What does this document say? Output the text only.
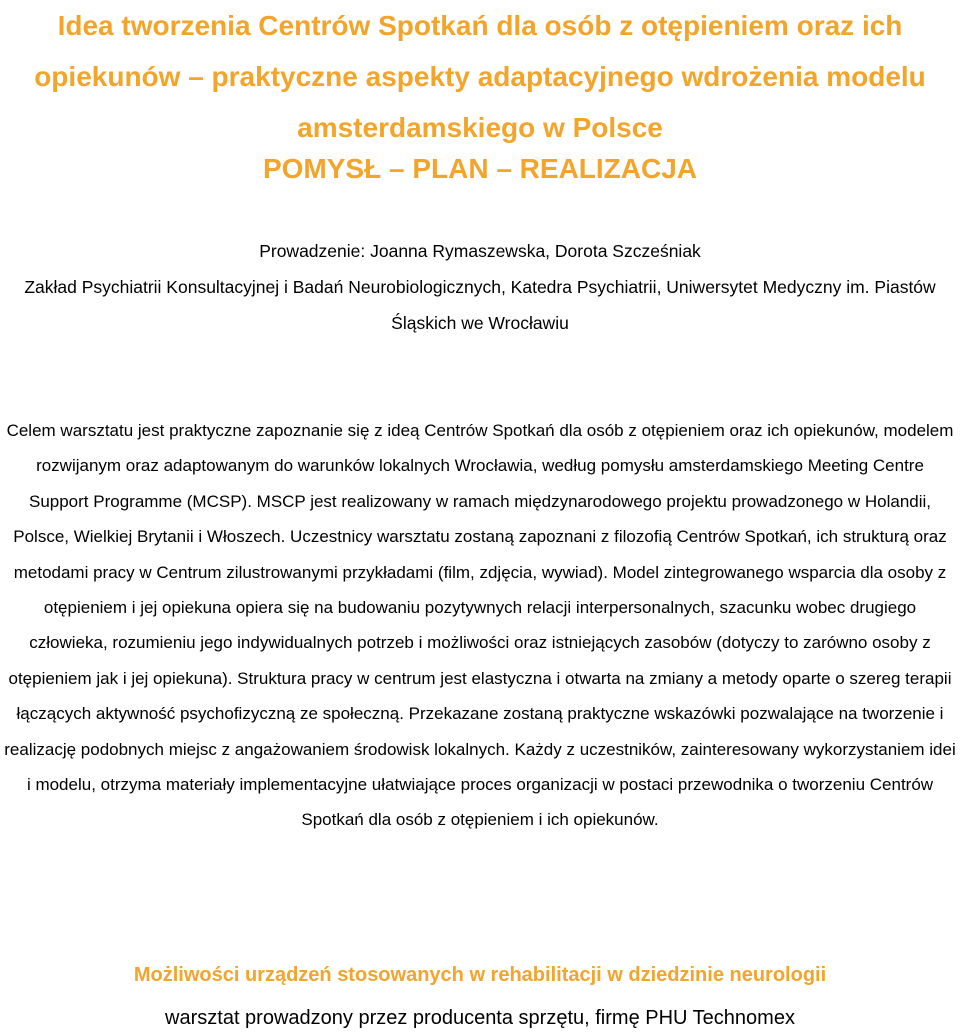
Idea tworzenia Centrów Spotkań dla osób z otępieniem oraz ich opiekunów – praktyczne aspekty adaptacyjnego wdrożenia modelu amsterdamskiego w Polsce
POMYSŁ – PLAN – REALIZACJA
Prowadzenie: Joanna Rymaszewska, Dorota Szcześniak
Zakład Psychiatrii Konsultacyjnej i Badań Neurobiologicznych, Katedra Psychiatrii, Uniwersytet Medyczny im. Piastów Śląskich we Wrocławiu

Celem warsztatu jest praktyczne zapoznanie się z ideą Centrów Spotkań dla osób z otępieniem oraz ich opiekunów, modelem rozwijanym oraz adaptowanym do warunków lokalnych Wrocławia, według pomysłu amsterdamskiego Meeting Centre Support Programme (MCSP). MSCP jest realizowany w ramach międzynarodowego projektu prowadzonego w Holandii, Polsce, Wielkiej Brytanii i Włoszech. Uczestnicy warsztatu zostaną zapoznani z filozofią Centrów Spotkań, ich strukturą oraz metodami pracy w Centrum zilustrowanymi przykładami (film, zdjęcia, wywiad). Model zintegrowanego wsparcia dla osoby z otępieniem i jej opiekuna opiera się na budowaniu pozytywnych relacji interpersonalnych, szacunku wobec drugiego człowieka, rozumieniu jego indywidualnych potrzeb i możliwości oraz istniejących zasobów (dotyczy to zarówno osoby z otępieniem jak i jej opiekuna). Struktura pracy w centrum jest elastyczna i otwarta na zmiany a metody oparte o szereg terapii łączących aktywność psychofizyczną ze społeczną. Przekazane zostaną praktyczne wskazówki pozwalające na tworzenie i realizację podobnych miejsc z angażowaniem środowisk lokalnych. Każdy z uczestników, zainteresowany wykorzystaniem idei i modelu, otrzyma materiały implementacyjne ułatwiające proces organizacji w postaci przewodnika o tworzeniu Centrów Spotkań dla osób z otępieniem i ich opiekunów.

Możliwości urządzeń stosowanych w rehabilitacji w dziedzinie neurologii

warsztat prowadzony przez producenta sprzętu, firmę PHU Technomex
